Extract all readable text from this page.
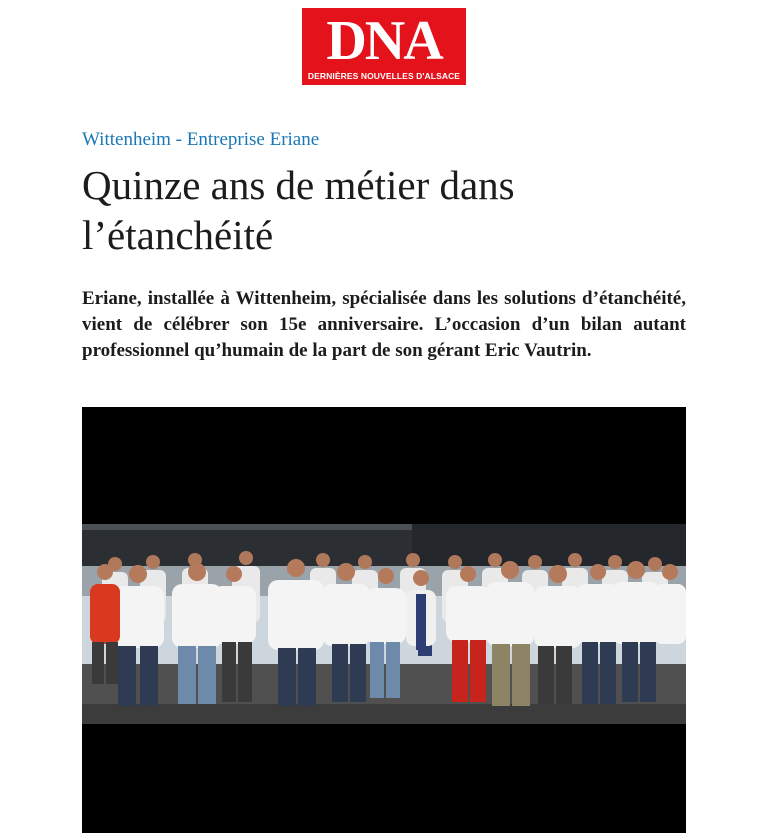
DNA
DERNIÈRES NOUVELLES D'ALSACE
Wittenheim - Entreprise Eriane
Quinze ans de métier dans l’étanchéité

Eriane, installée à Wittenheim, spécialisée dans les solutions d’étanchéité, vient de célébrer son 15e anniversaire. L’occasion d’un bilan autant professionnel qu’humain de la part de son gérant Eric Vautrin.
